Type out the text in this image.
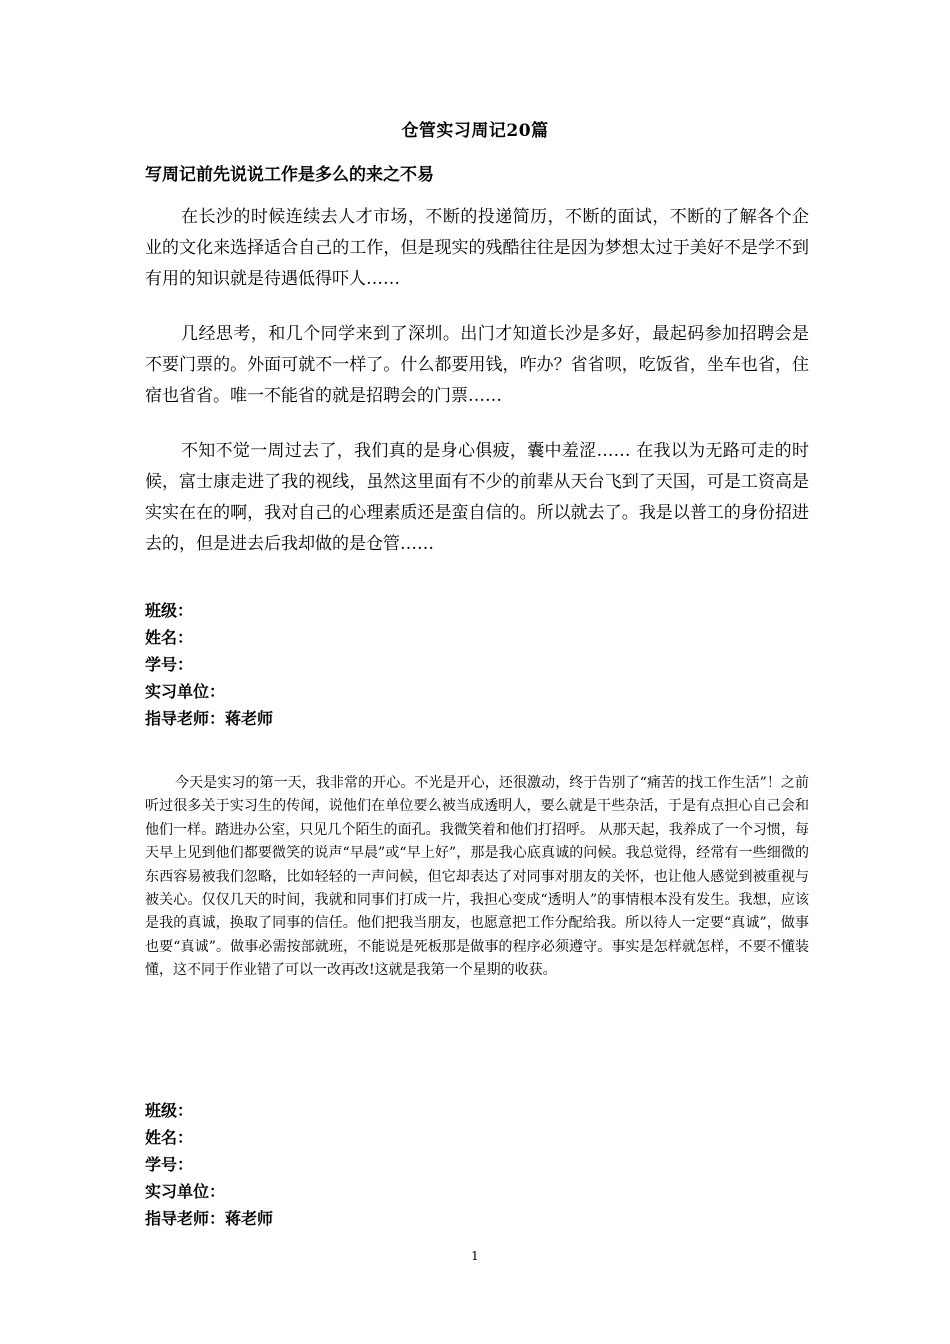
仓管实习周记20篇
写周记前先说说工作是多么的来之不易

在长沙的时候连续去人才市场，不断的投递简历，不断的面试，不断的了解各个企业的文化来选择适合自己的工作，但是现实的残酷往往是因为梦想太过于美好不是学不到有用的知识就是待遇低得吓人……

几经思考，和几个同学来到了深圳。出门才知道长沙是多好，最起码参加招聘会是不要门票的。外面可就不一样了。什么都要用钱，咋办？省省呗，吃饭省，坐车也省，住宿也省省。唯一不能省的就是招聘会的门票……

不知不觉一周过去了，我们真的是身心俱疲，囊中羞涩…… 在我以为无路可走的时候，富士康走进了我的视线，虽然这里面有不少的前辈从天台飞到了天国，可是工资高是实实在在的啊，我对自己的心理素质还是蛮自信的。所以就去了。我是以普工的身份招进去的，但是进去后我却做的是仓管……

班级：
姓名：
学号：
实习单位：
指导老师：蒋老师

今天是实习的第一天，我非常的开心。不光是开心，还很激动，终于告别了“痛苦的找工作生活”！之前听过很多关于实习生的传闻，说他们在单位要么被当成透明人，要么就是干些杂活，于是有点担心自己会和他们一样。踏进办公室，只见几个陌生的面孔。我微笑着和他们打招呼。 从那天起，我养成了一个习惯，每天早上见到他们都要微笑的说声“早晨”或“早上好”，那是我心底真诚的问候。我总觉得，经常有一些细微的东西容易被我们忽略，比如轻轻的一声问候，但它却表达了对同事对朋友的关怀，也让他人感觉到被重视与被关心。仅仅几天的时间，我就和同事们打成一片，我担心变成“透明人”的事情根本没有发生。我想，应该是我的真诚，换取了同事的信任。他们把我当朋友，也愿意把工作分配给我。所以待人一定要“真诚”，做事也要“真诚”。做事必需按部就班，不能说是死板那是做事的程序必须遵守。事实是怎样就怎样，不要不懂装懂，这不同于作业错了可以一改再改!这就是我第一个星期的收获。

班级：
姓名：
学号：
实习单位：
指导老师：蒋老师
1
